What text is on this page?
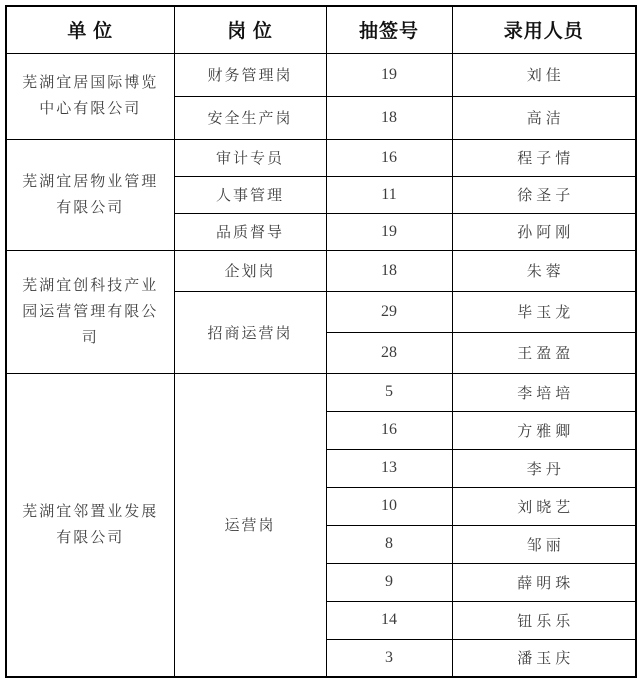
单 位	岗 位	抽签号	录用人员
芜湖宜居国际博览中心有限公司	财务管理岗	19	刘佳
	安全生产岗	18	高洁
芜湖宜居物业管理有限公司	审计专员	16	程子情
	人事管理	11	徐圣子
	品质督导	19	孙阿刚
芜湖宜创科技产业园运营管理有限公司	企划岗	18	朱蓉
	招商运营岗	29	毕玉龙
		28	王盈盈
芜湖宜邻置业发展有限公司	运营岗	5	李培培
		16	方雅卿
		13	李丹
		10	刘晓艺
		8	邹丽
		9	薛明珠
		14	钮乐乐
		3	潘玉庆
